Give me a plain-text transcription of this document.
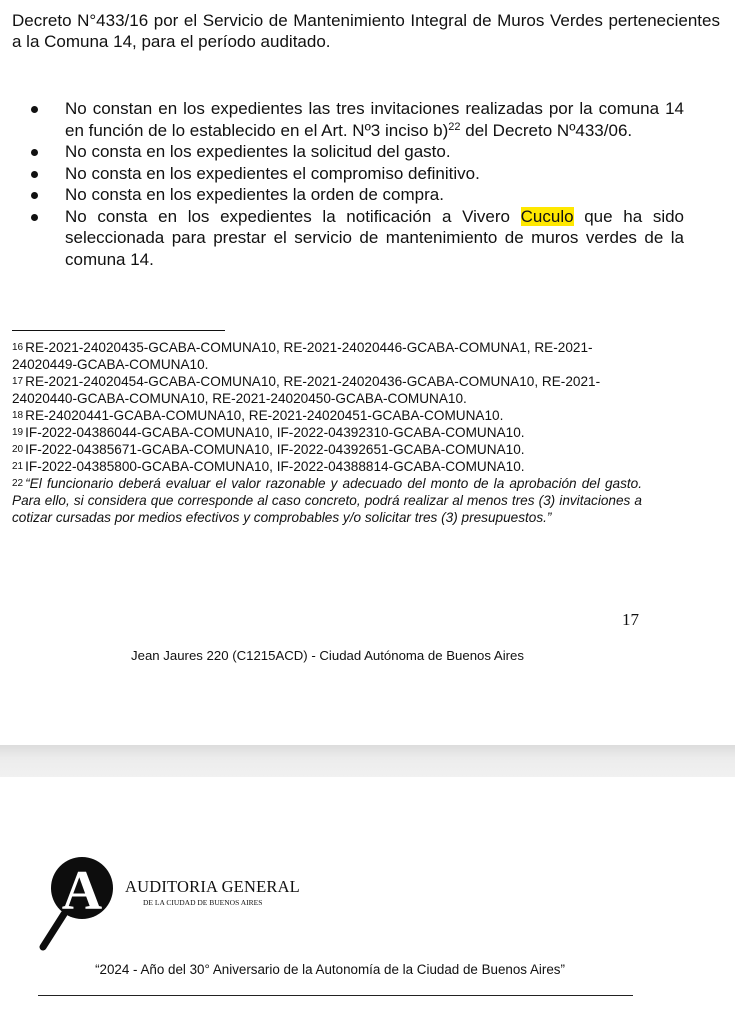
Decreto N°433/16 por el Servicio de Mantenimiento Integral de Muros Verdes pertenecientes a la Comuna 14, para el período auditado.

No constan en los expedientes las tres invitaciones realizadas por la comuna 14 en función de lo establecido en el Art. Nº3 inciso b)$^{22}$ del Decreto Nº433/06.
No consta en los expedientes la solicitud del gasto.
No consta en los expedientes el compromiso definitivo.
No consta en los expedientes la orden de compra.
No consta en los expedientes la notificación a Vivero Cuculo que ha sido seleccionada para prestar el servicio de mantenimiento de muros verdes de la comuna 14.

16 RE-2021-24020435-GCABA-COMUNA10, RE-2021-24020446-GCABA-COMUNA1, RE-2021-24020449-GCABA-COMUNA10.

17 RE-2021-24020454-GCABA-COMUNA10, RE-2021-24020436-GCABA-COMUNA10, RE-2021-24020440-GCABA-COMUNA10, RE-2021-24020450-GCABA-COMUNA10.

18 RE-24020441-GCABA-COMUNA10, RE-2021-24020451-GCABA-COMUNA10.

19 IF-2022-04386044-GCABA-COMUNA10, IF-2022-04392310-GCABA-COMUNA10.

20 IF-2022-04385671-GCABA-COMUNA10, IF-2022-04392651-GCABA-COMUNA10.

21 IF-2022-04385800-GCABA-COMUNA10, IF-2022-04388814-GCABA-COMUNA10.

22 “El funcionario deberá evaluar el valor razonable y adecuado del monto de la aprobación del gasto. Para ello, si considera que corresponde al caso concreto, podrá realizar al menos tres (3) invitaciones a cotizar cursadas por medios efectivos y comprobables y/o solicitar tres (3) presupuestos.”

17
Jean Jaures 220 (C1215ACD) - Ciudad Autónoma de Buenos Aires
A AUDITORIA GENERAL
DE LA CIUDAD DE BUENOS AIRES
“2024 - Año del 30° Aniversario de la Autonomía de la Ciudad de Buenos Aires”
